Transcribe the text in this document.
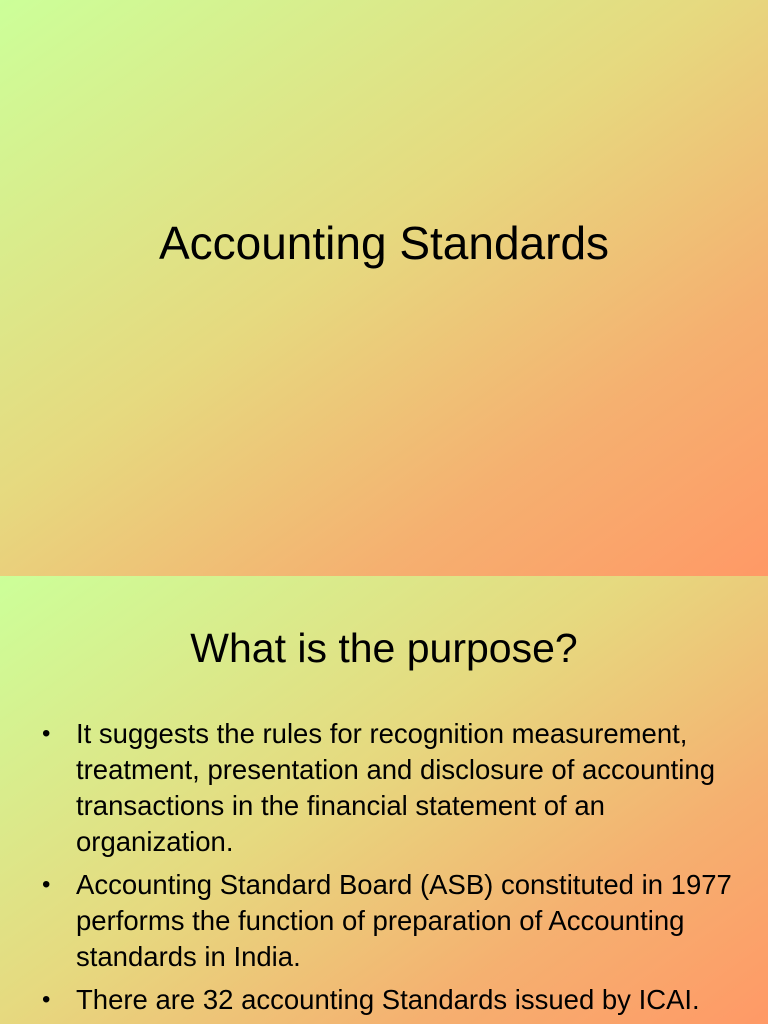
Accounting Standards
What is the purpose?
• It suggests the rules for recognition measurement, treatment, presentation and disclosure of accounting transactions in the financial statement of an organization.
• Accounting Standard Board (ASB) constituted in 1977 performs the function of preparation of Accounting standards in India.
• There are 32 accounting Standards issued by ICAI.
